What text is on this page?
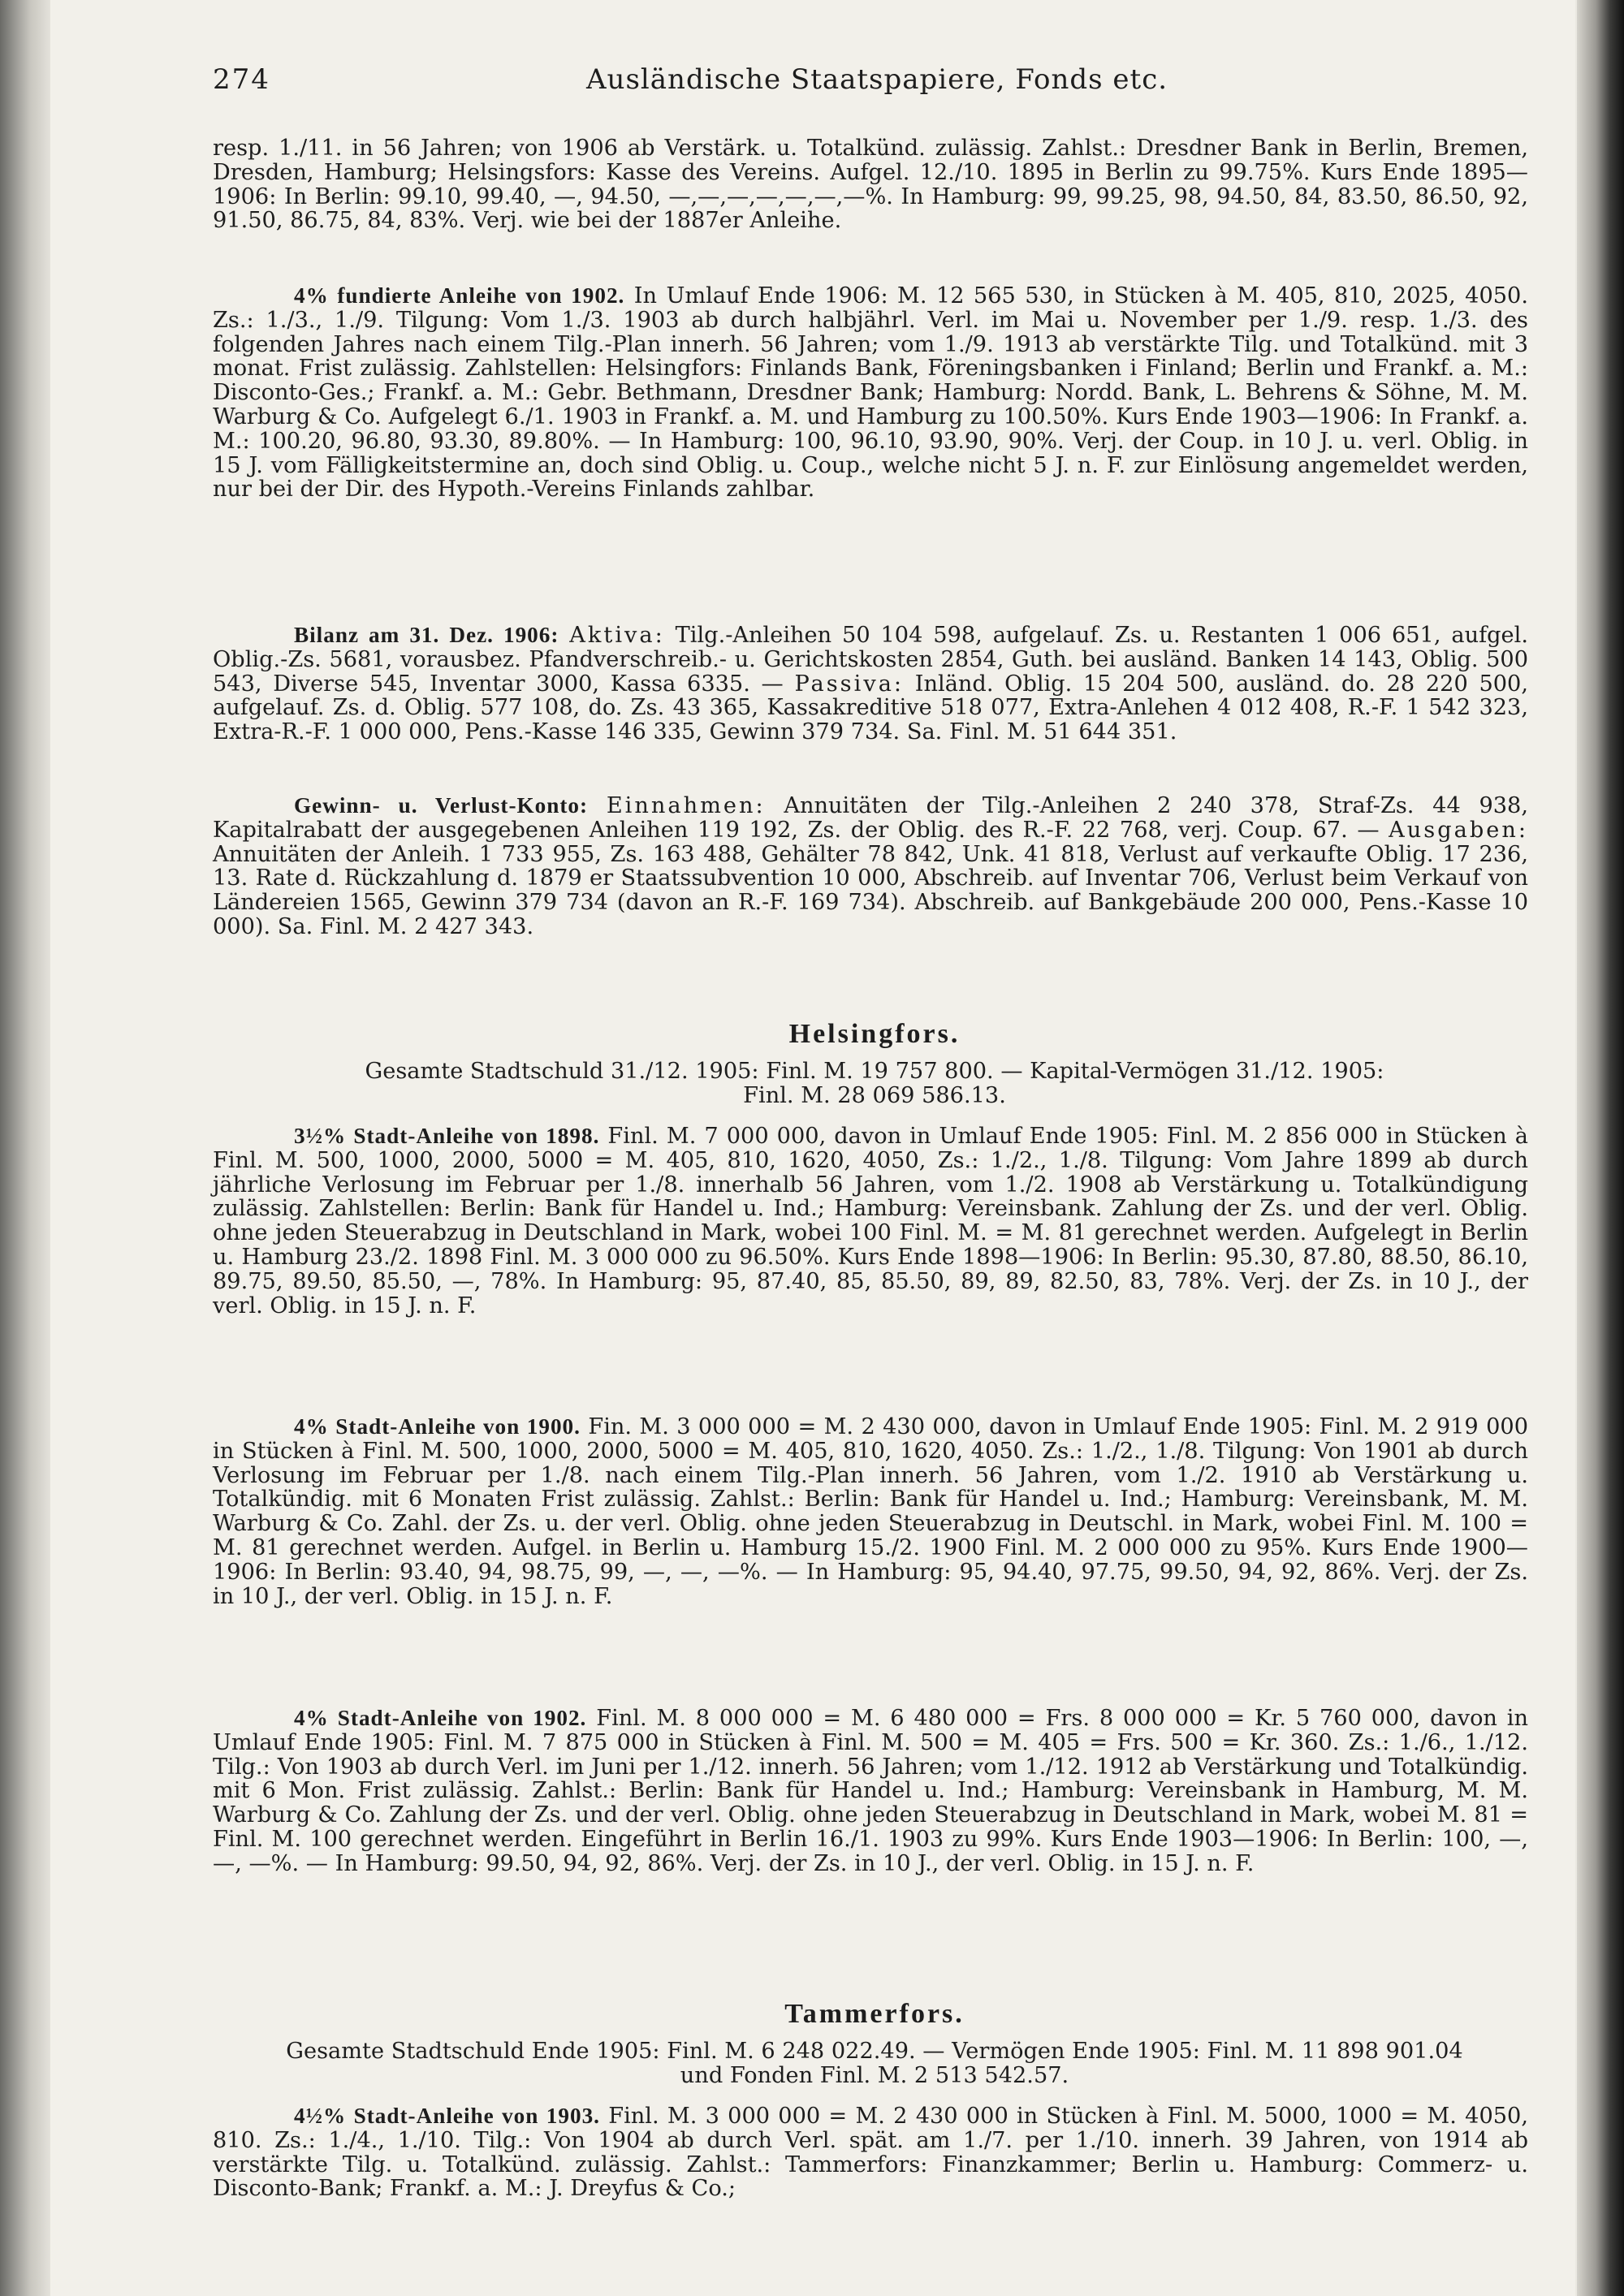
274	Ausländische Staatspapiere, Fonds etc.

resp. 1./11. in 56 Jahren; von 1906 ab Verstärk. u. Totalkünd. zulässig. Zahlst.: Dresdner Bank in Berlin, Bremen, Dresden, Hamburg; Helsingsfors: Kasse des Vereins. Aufgel. 12./10. 1895 in Berlin zu 99.75%. Kurs Ende 1895—1906: In Berlin: 99.10, 99.40, —, 94.50, —,—,—,—,—,—,—%. In Hamburg: 99, 99.25, 98, 94.50, 84, 83.50, 86.50, 92, 91.50, 86.75, 84, 83%. Verj. wie bei der 1887er Anleihe.

4% fundierte Anleihe von 1902. In Umlauf Ende 1906: M. 12 565 530, in Stücken à M. 405, 810, 2025, 4050. Zs.: 1./3., 1./9. Tilgung: Vom 1./3. 1903 ab durch halbjährl. Verl. im Mai u. November per 1./9. resp. 1./3. des folgenden Jahres nach einem Tilg.-Plan innerh. 56 Jahren; vom 1./9. 1913 ab verstärkte Tilg. und Totalkünd. mit 3 monat. Frist zulässig. Zahlstellen: Helsingfors: Finlands Bank, Föreningsbanken i Finland; Berlin und Frankf. a. M.: Disconto-Ges.; Frankf. a. M.: Gebr. Bethmann, Dresdner Bank; Hamburg: Nordd. Bank, L. Behrens & Söhne, M. M. Warburg & Co. Aufgelegt 6./1. 1903 in Frankf. a. M. und Hamburg zu 100.50%. Kurs Ende 1903—1906: In Frankf. a. M.: 100.20, 96.80, 93.30, 89.80%. — In Hamburg: 100, 96.10, 93.90, 90%. Verj. der Coup. in 10 J. u. verl. Oblig. in 15 J. vom Fälligkeitstermine an, doch sind Oblig. u. Coup., welche nicht 5 J. n. F. zur Einlösung angemeldet werden, nur bei der Dir. des Hypoth.-Vereins Finlands zahlbar.

Bilanz am 31. Dez. 1906: Aktiva: Tilg.-Anleihen 50 104 598, aufgelauf. Zs. u. Restanten 1 006 651, aufgel. Oblig.-Zs. 5681, vorausbez. Pfandverschreib.- u. Gerichtskosten 2854, Guth. bei ausländ. Banken 14 143, Oblig. 500 543, Diverse 545, Inventar 3000, Kassa 6335. — Passiva: Inländ. Oblig. 15 204 500, ausländ. do. 28 220 500, aufgelauf. Zs. d. Oblig. 577 108, do. Zs. 43 365, Kassakreditive 518 077, Extra-Anlehen 4 012 408, R.-F. 1 542 323, Extra-R.-F. 1 000 000, Pens.-Kasse 146 335, Gewinn 379 734. Sa. Finl. M. 51 644 351.

Gewinn- u. Verlust-Konto: Einnahmen: Annuitäten der Tilg.-Anleihen 2 240 378, Straf-Zs. 44 938, Kapitalrabatt der ausgegebenen Anleihen 119 192, Zs. der Oblig. des R.-F. 22 768, verj. Coup. 67. — Ausgaben: Annuitäten der Anleih. 1 733 955, Zs. 163 488, Gehälter 78 842, Unk. 41 818, Verlust auf verkaufte Oblig. 17 236, 13. Rate d. Rückzahlung d. 1879 er Staatssubvention 10 000, Abschreib. auf Inventar 706, Verlust beim Verkauf von Ländereien 1565, Gewinn 379 734 (davon an R.-F. 169 734). Abschreib. auf Bankgebäude 200 000, Pens.-Kasse 10 000). Sa. Finl. M. 2 427 343.

Helsingfors.
Gesamte Stadtschuld 31./12. 1905: Finl. M. 19 757 800. — Kapital-Vermögen 31./12. 1905:
Finl. M. 28 069 586.13.

3½% Stadt-Anleihe von 1898. Finl. M. 7 000 000, davon in Umlauf Ende 1905: Finl. M. 2 856 000 in Stücken à Finl. M. 500, 1000, 2000, 5000 = M. 405, 810, 1620, 4050, Zs.: 1./2., 1./8. Tilgung: Vom Jahre 1899 ab durch jährliche Verlosung im Februar per 1./8. innerhalb 56 Jahren, vom 1./2. 1908 ab Verstärkung u. Totalkündigung zulässig. Zahlstellen: Berlin: Bank für Handel u. Ind.; Hamburg: Vereinsbank. Zahlung der Zs. und der verl. Oblig. ohne jeden Steuerabzug in Deutschland in Mark, wobei 100 Finl. M. = M. 81 gerechnet werden. Aufgelegt in Berlin u. Hamburg 23./2. 1898 Finl. M. 3 000 000 zu 96.50%. Kurs Ende 1898—1906: In Berlin: 95.30, 87.80, 88.50, 86.10, 89.75, 89.50, 85.50, —, 78%. In Hamburg: 95, 87.40, 85, 85.50, 89, 89, 82.50, 83, 78%. Verj. der Zs. in 10 J., der verl. Oblig. in 15 J. n. F.

4% Stadt-Anleihe von 1900. Fin. M. 3 000 000 = M. 2 430 000, davon in Umlauf Ende 1905: Finl. M. 2 919 000 in Stücken à Finl. M. 500, 1000, 2000, 5000 = M. 405, 810, 1620, 4050. Zs.: 1./2., 1./8. Tilgung: Von 1901 ab durch Verlosung im Februar per 1./8. nach einem Tilg.-Plan innerh. 56 Jahren, vom 1./2. 1910 ab Verstärkung u. Totalkündig. mit 6 Monaten Frist zulässig. Zahlst.: Berlin: Bank für Handel u. Ind.; Hamburg: Vereinsbank, M. M. Warburg & Co. Zahl. der Zs. u. der verl. Oblig. ohne jeden Steuerabzug in Deutschl. in Mark, wobei Finl. M. 100 = M. 81 gerechnet werden. Aufgel. in Berlin u. Hamburg 15./2. 1900 Finl. M. 2 000 000 zu 95%. Kurs Ende 1900—1906: In Berlin: 93.40, 94, 98.75, 99, —, —, —%. — In Hamburg: 95, 94.40, 97.75, 99.50, 94, 92, 86%. Verj. der Zs. in 10 J., der verl. Oblig. in 15 J. n. F.

4% Stadt-Anleihe von 1902. Finl. M. 8 000 000 = M. 6 480 000 = Frs. 8 000 000 = Kr. 5 760 000, davon in Umlauf Ende 1905: Finl. M. 7 875 000 in Stücken à Finl. M. 500 = M. 405 = Frs. 500 = Kr. 360. Zs.: 1./6., 1./12. Tilg.: Von 1903 ab durch Verl. im Juni per 1./12. innerh. 56 Jahren; vom 1./12. 1912 ab Verstärkung und Totalkündig. mit 6 Mon. Frist zulässig. Zahlst.: Berlin: Bank für Handel u. Ind.; Hamburg: Vereinsbank in Hamburg, M. M. Warburg & Co. Zahlung der Zs. und der verl. Oblig. ohne jeden Steuerabzug in Deutschland in Mark, wobei M. 81 = Finl. M. 100 gerechnet werden. Eingeführt in Berlin 16./1. 1903 zu 99%. Kurs Ende 1903—1906: In Berlin: 100, —, —, —%. — In Hamburg: 99.50, 94, 92, 86%. Verj. der Zs. in 10 J., der verl. Oblig. in 15 J. n. F.

Tammerfors.
Gesamte Stadtschuld Ende 1905: Finl. M. 6 248 022.49. — Vermögen Ende 1905: Finl. M. 11 898 901.04
und Fonden Finl. M. 2 513 542.57.

4½% Stadt-Anleihe von 1903. Finl. M. 3 000 000 = M. 2 430 000 in Stücken à Finl. M. 5000, 1000 = M. 4050, 810. Zs.: 1./4., 1./10. Tilg.: Von 1904 ab durch Verl. spät. am 1./7. per 1./10. innerh. 39 Jahren, von 1914 ab verstärkte Tilg. u. Totalkünd. zulässig. Zahlst.: Tammerfors: Finanzkammer; Berlin u. Hamburg: Commerz- u. Disconto-Bank; Frankf. a. M.: J. Dreyfus & Co.;
